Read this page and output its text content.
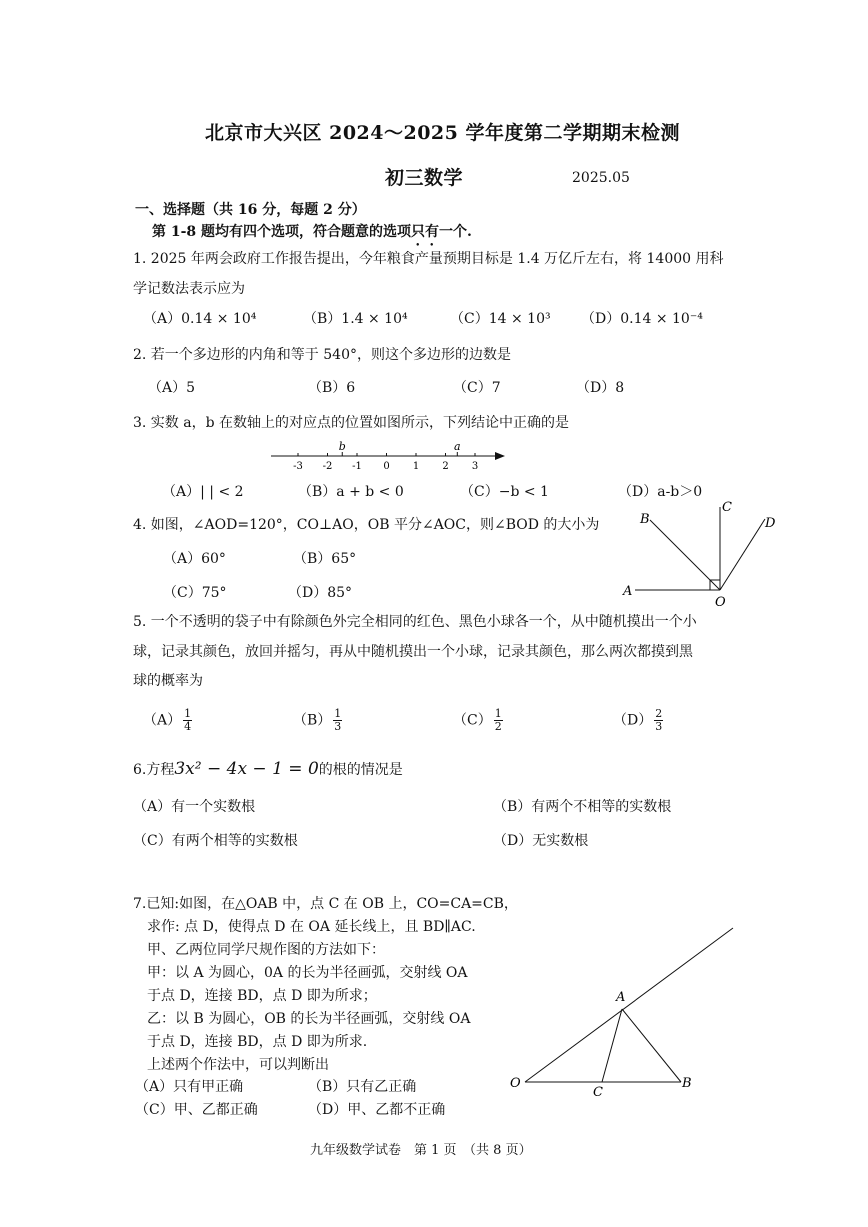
北京市大兴区 2024～2025 学年度第二学期期末检测
初三数学	2025.05
一、选择题（共 16 分，每题 2 分）
第 1-8 题均有四个选项，符合题意的选项只有一个.
1. 2025 年两会政府工作报告提出，今年粮食产量预期目标是 1.4 万亿斤左右，将 14000 用科
学记数法表示应为
（A）0.14 × 10⁴	（B）1.4 × 10⁴	（C）14 × 10³ （D）0.14 × 10⁻⁴
2. 若一个多边形的内角和等于 540°，则这个多边形的边数是
（A）5	（B）6	（C）7	（D）8
3. 实数 a，b 在数轴上的对应点的位置如图所示，下列结论中正确的是
-3 -2 -1 0 1 2 3
b	a
（A）| | < 2	（B）a + b < 0	（C）−b < 1	（D）a-b＞0
4. 如图，∠AOD=120°，CO⊥AO，OB 平分∠AOC，则∠BOD 的大小为
（A）60°	（B）65°
（C）75°	（D）85°	A
B
C
D
O
5. 一个不透明的袋子中有除颜色外完全相同的红色、黑色小球各一个，从中随机摸出一个小
球，记录其颜色，放回并摇匀，再从中随机摸出一个小球，记录其颜色，那么两次都摸到黑
球的概率为
$(A) \frac{1}{4}$	$(B) \frac{1}{3}$	$(C) \frac{1}{2}$	$(D) \frac{2}{3}$
6.方程3x² − 4x − 1 = 0的根的情况是
（A）有一个实数根	（B）有两个不相等的实数根
（C）有两个相等的实数根	（D）无实数根
7.已知:如图，在△OAB 中，点 C 在 OB 上，CO=CA=CB，
求作: 点 D，使得点 D 在 OA 延长线上，且 BD∥AC.
甲、乙两位同学尺规作图的方法如下：
甲：以 A 为圆心，0A 的长为半径画弧，交射线 OA
于点 D，连接 BD，点 D 即为所求；
乙：以 B 为圆心，OB 的长为半径画弧，交射线 OA
于点 D，连接 BD，点 D 即为所求.
上述两个作法中，可以判断出
（A）只有甲正确	（B）只有乙正确
（C）甲、乙都正确	（D）甲、乙都不正确
O
A
B
C
九年级数学试卷　第 1 页　（共 8 页）
